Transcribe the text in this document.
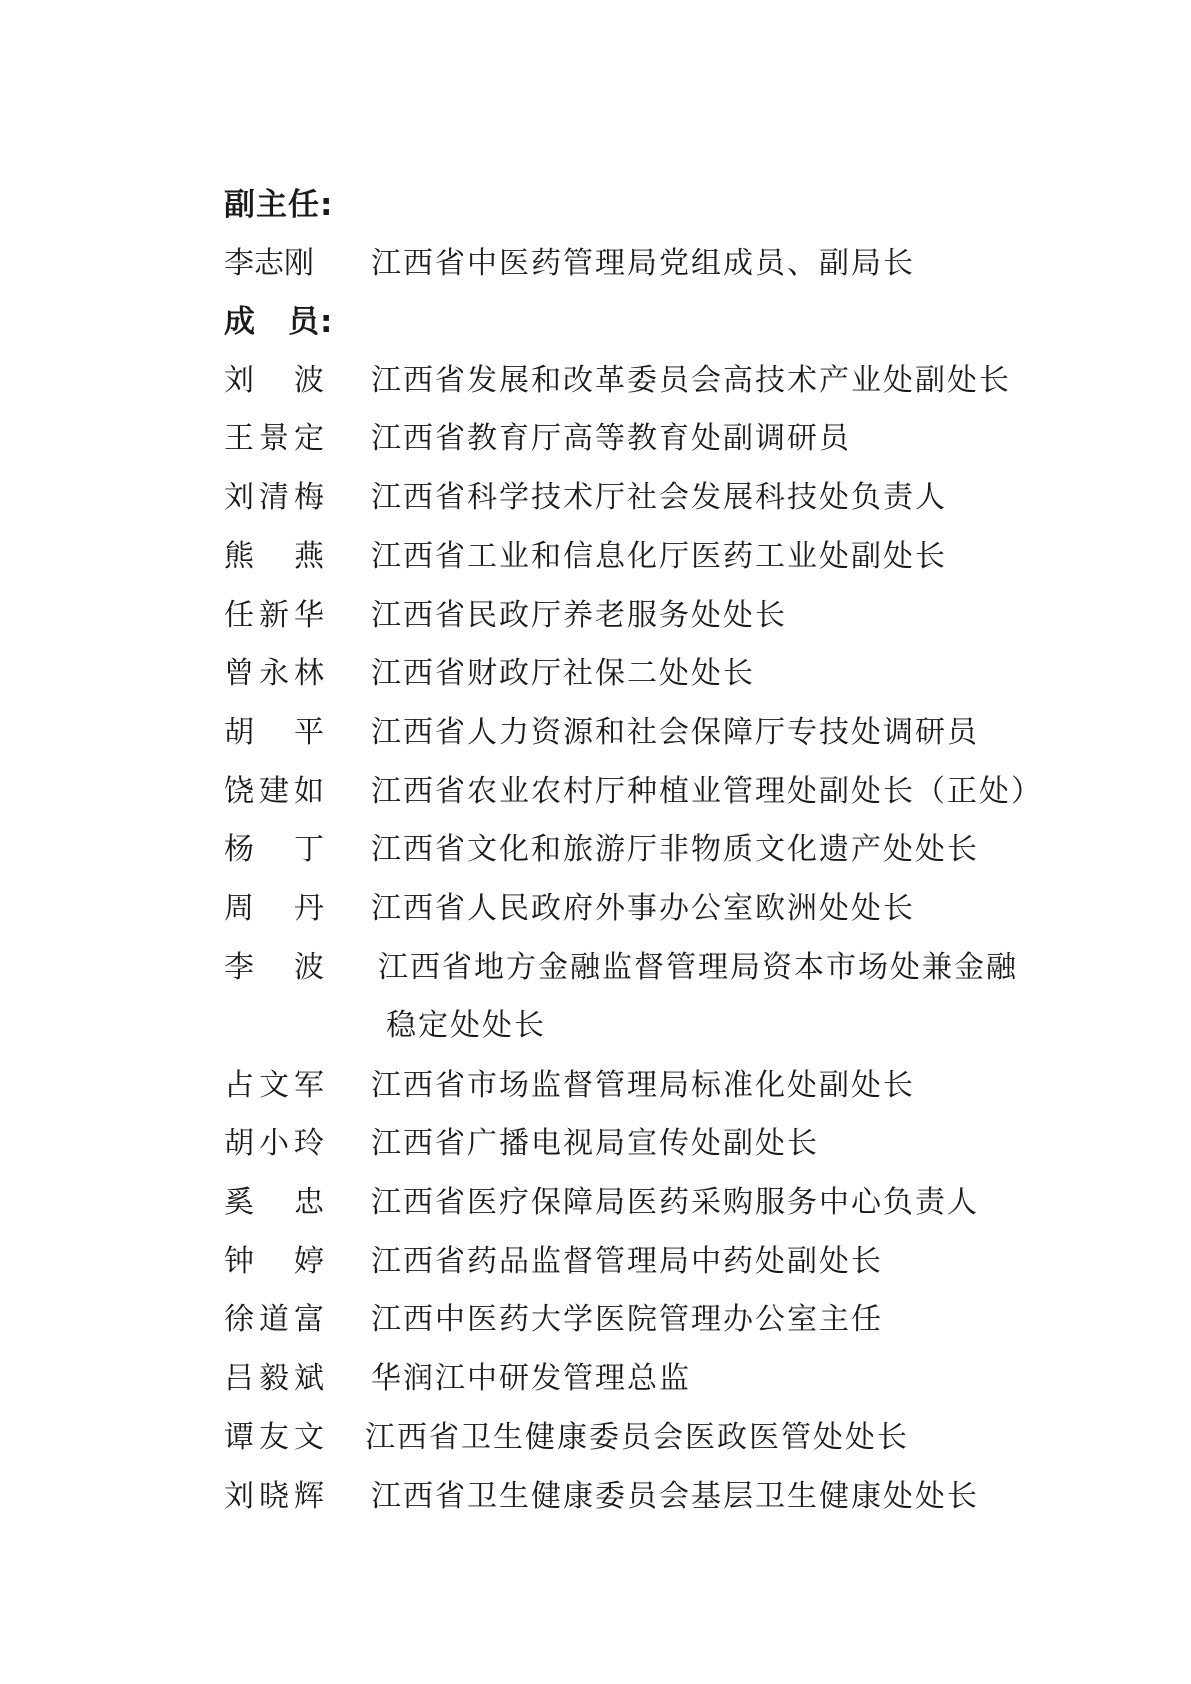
副主任:
李志刚	江西省中医药管理局党组成员、副局长
成　员:
刘 波 江西省发展和改革委员会高技术产业处副处长
王 景 定 江西省教育厅高等教育处副调研员
刘 清 梅 江西省科学技术厅社会发展科技处负责人
熊 燕 江西省工业和信息化厅医药工业处副处长
任 新 华 江西省民政厅养老服务处处长
曾 永 林 江西省财政厅社保二处处长
胡 平 江西省人力资源和社会保障厅专技处调研员
饶 建 如 江西省农业农村厅种植业管理处副处长（正处）
杨 丁 江西省文化和旅游厅非物质文化遗产处处长
周 丹 江西省人民政府外事办公室欧洲处处长
李 波 江西省地方金融监督管理局资本市场处兼金融
稳定处处长
占 文 军 江西省市场监督管理局标准化处副处长
胡 小 玲 江西省广播电视局宣传处副处长
奚 忠 江西省医疗保障局医药采购服务中心负责人
钟 婷 江西省药品监督管理局中药处副处长
徐 道 富 江西中医药大学医院管理办公室主任
吕 毅 斌 华润江中研发管理总监
谭 友 文 江西省卫生健康委员会医政医管处处长
刘 晓 辉 江西省卫生健康委员会基层卫生健康处处长
